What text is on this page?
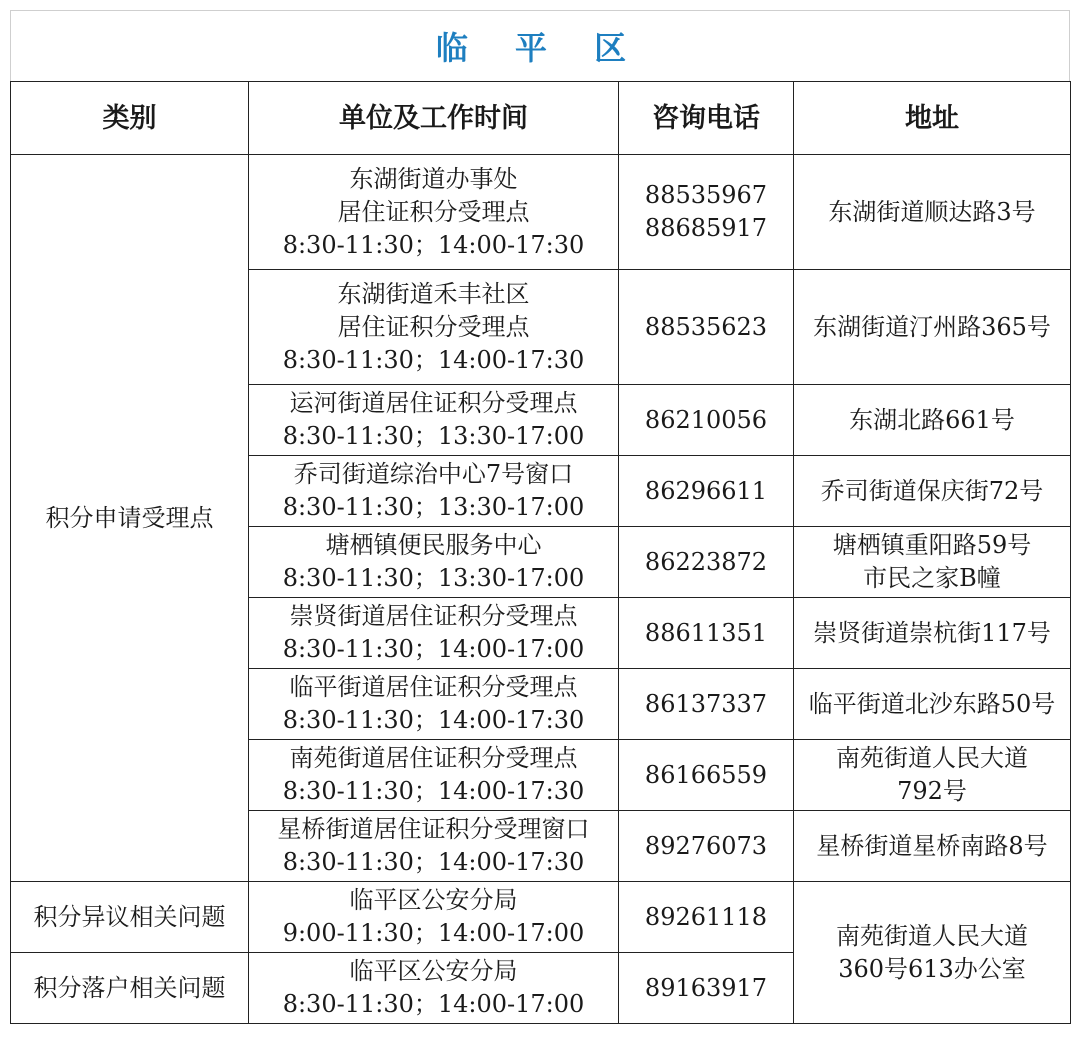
临 平 区
类别	单位及工作时间	咨询电话	地址
积分申请受理点	东湖街道办事处
居住证积分受理点
8:30-11:30；14:00-17:30	88535967
88685917	东湖街道顺达路3号

	东湖街道禾丰社区
居住证积分受理点
8:30-11:30；14:00-17:30	88535623	东湖街道汀州路365号

	运河街道居住证积分受理点
8:30-11:30；13:30-17:00	86210056	东湖北路661号

	乔司街道综治中心7号窗口
8:30-11:30；13:30-17:00	86296611	乔司街道保庆街72号

	塘栖镇便民服务中心
8:30-11:30；13:30-17:00	86223872	塘栖镇重阳路59号
市民之家B幢

	崇贤街道居住证积分受理点
8:30-11:30；14:00-17:00	88611351	崇贤街道崇杭街117号

	临平街道居住证积分受理点
8:30-11:30；14:00-17:30	86137337	临平街道北沙东路50号

	南苑街道居住证积分受理点
8:30-11:30；14:00-17:30	86166559	南苑街道人民大道
792号

	星桥街道居住证积分受理窗口
8:30-11:30；14:00-17:30	89276073	星桥街道星桥南路8号

积分异议相关问题	临平区公安分局
9:00-11:30；14:00-17:00	89261118	南苑街道人民大道
360号613办公室

积分落户相关问题	临平区公安分局
8:30-11:30；14:00-17:00	89163917	
